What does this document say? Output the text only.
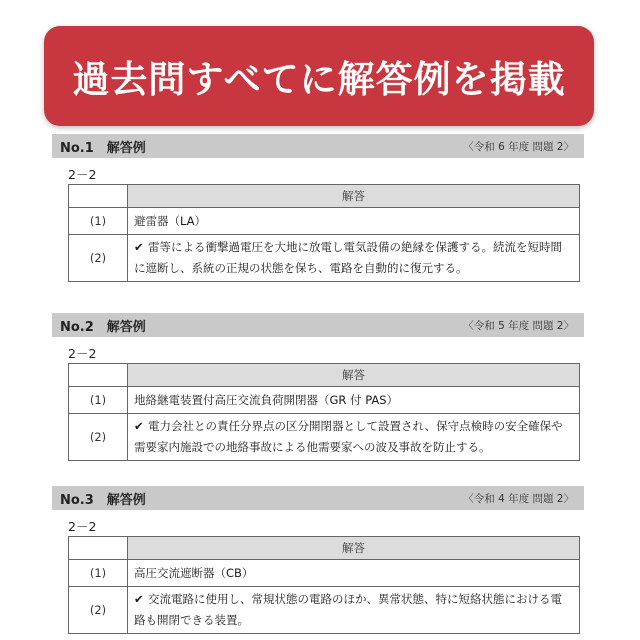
過去問すべてに解答例を掲載
No.1　解答例	〈令和 6 年度 問題 2〉
2－2
	解答
(1)	避雷器（LA）
(2)	✔ 雷等による衝撃過電圧を大地に放電し電気設備の絶縁を保護する。続流を短時間に遮断し、系統の正規の状態を保ち、電路を自動的に復元する。
No.2　解答例	〈令和 5 年度 問題 2〉
2－2
	解答
(1)	地絡継電装置付高圧交流負荷開閉器（GR 付 PAS）
(2)	✔ 電力会社との責任分界点の区分開閉器として設置され、保守点検時の安全確保や需要家内施設での地絡事故による他需要家への波及事故を防止する。
No.3　解答例	〈令和 4 年度 問題 2〉
2－2
	解答
(1)	高圧交流遮断器（CB）
(2)	✔ 交流電路に使用し、常規状態の電路のほか、異常状態、特に短絡状態における電路も開閉できる装置。
